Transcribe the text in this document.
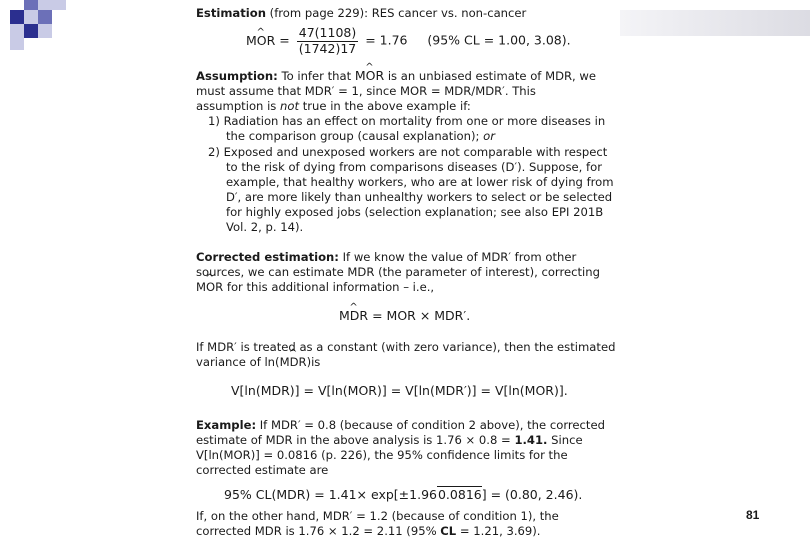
Estimation (from page 229): RES cancer vs. non-cancer
^ MOR = $\frac{47(1108)}{(1742)17} = 1.76$ (95% CL = 1.00, 3.08).
Assumption: To infer that ^ MOR is an unbiased estimate of MDR, we
must assume that MDR′ = 1, since MOR = MDR/MDR′. This
assumption is not true in the above example if:
1) Radiation has an effect on mortality from one or more diseases in
the comparison group (causal explanation); or
2) Exposed and unexposed workers are not comparable with respect
to the risk of dying from comparisons diseases (D′). Suppose, for
example, that healthy workers, who are at lower risk of dying from
D′, are more likely than unhealthy workers to select or be selected
for highly exposed jobs (selection explanation; see also EPI 201B
Vol. 2, p. 14).
Corrected estimation: If we know the value of MDR′ from other
sources, we can estimate MDR (the parameter of interest), correcting
^ MOR for this additional information – i.e.,
^ MDR = MOR × MDR′.
If MDR′ is treated as a constant (with zero variance), then the estimated
variance of ln(^ MDR)is
V[ln(MDR)] = V[ln(MOR)] = V[ln(MDR′)] = V[ln(MOR)].
Example: If MDR′ = 0.8 (because of condition 2 above), the corrected
estimate of MDR in the above analysis is 1.76 × 0.8 = 1.41. Since
V[ln(MOR)] = 0.0816 (p. 226), the 95% confidence limits for the
corrected estimate are
95% CL(MDR) = 1.41× exp[±1.960.0816] = (0.80, 2.46).
If, on the other hand, MDR′ = 1.2 (because of condition 1), the
corrected MDR is 1.76 × 1.2 = 2.11 (95% CL = 1.21, 3.69).
81
